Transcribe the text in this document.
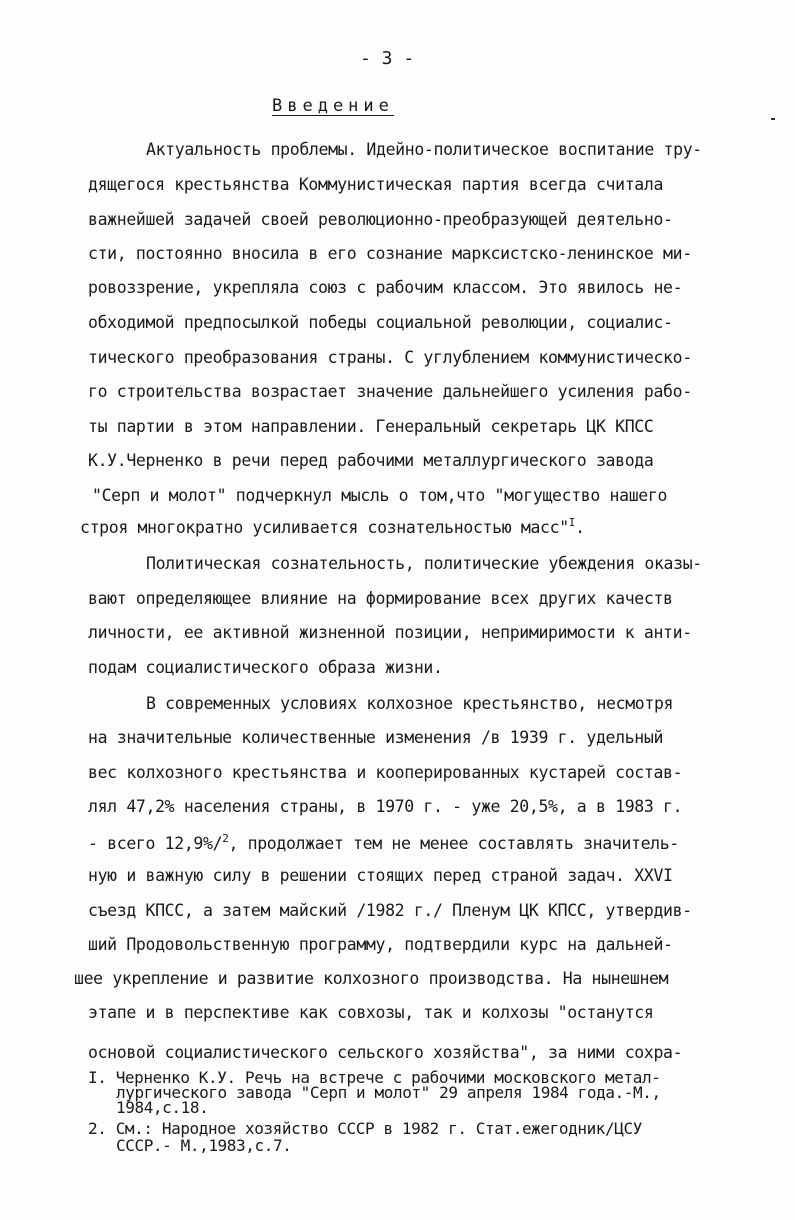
- 3 -
Введение
Актуальность проблемы. Идейно-политическое воспитание тру-
дящегося крестьянства Коммунистическая партия всегда считала
важнейшей задачей своей революционно-преобразующей деятельно-
сти, постоянно вносила в его сознание марксистско-ленинское ми-
ровоззрение, укрепляла союз с рабочим классом. Это явилось не-
обходимой предпосылкой победы социальной революции, социалис-
тического преобразования страны. С углублением коммунистическо-
го строительства возрастает значение дальнейшего усиления рабо-
ты партии в этом направлении. Генеральный секретарь ЦК КПСС
К.У.Черненко в речи перед рабочими металлургического завода
"Серп и молот" подчеркнул мысль о том,что "могущество нашего
строя многократно усиливается сознательностью масс"$^I$.
Политическая сознательность, политические убеждения оказы-
вают определяющее влияние на формирование всех других качеств
личности, ее активной жизненной позиции, непримиримости к анти-
подам социалистического образа жизни.
В современных условиях колхозное крестьянство, несмотря
на значительные количественные изменения /в 1939 г. удельный
вес колхозного крестьянства и кооперированных кустарей состав-
лял 47,2% населения страны, в 1970 г. - уже 20,5%, а в 1983 г.
- всего 12,9%/$^2$, продолжает тем не менее составлять значитель-
ную и важную силу в решении стоящих перед страной задач. XXVI
съезд КПСС, а затем майский /1982 г./ Пленум ЦК КПСС, утвердив-
ший Продовольственную программу, подтвердили курс на дальней-
шее укрепление и развитие колхозного производства. На нынешнем
этапе и в перспективе как совхозы, так и колхозы "останутся
основой социалистического сельского хозяйства", за ними сохра-
I. Черненко К.У. Речь на встрече с рабочими московского метал-
лургического завода "Серп и молот" 29 апреля 1984 года.-М.,
1984,с.18.
2. См.: Народное хозяйство СССР в 1982 г. Стат.ежегодник/ЦСУ
СССР.- М.,1983,с.7.
